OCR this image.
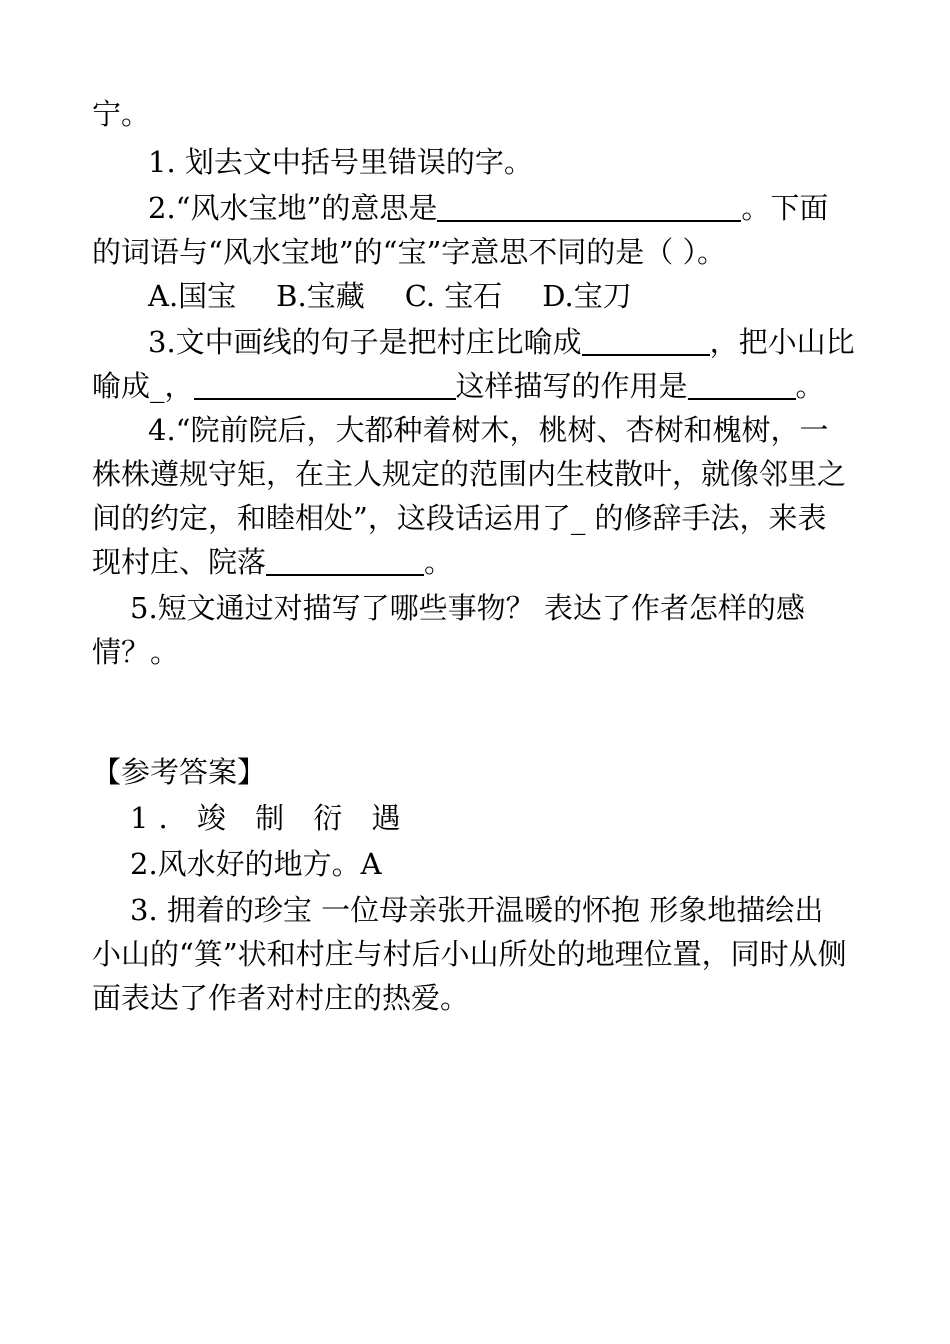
宁。
1. 划去文中括号里错误的字。
2.“风水宝地”的意思是	。下面
的词语与“风水宝地”的“宝”字意思不同的是（ ）。
A.国宝 B.宝藏 C. 宝石 D.宝刀
3.文中画线的句子是把村庄比喻成	，把小山比
喻成_，	这样描写的作用是	。
4.“院前院后，大都种着树木，桃树、杏树和槐树，一
株株遵规守矩，在主人规定的范围内生枝散叶，就像邻里之
间的约定，和睦相处”，这段话运用了_ 的修辞手法，来表
现村庄、院落	。
5.短文通过对描写了哪些事物？ 表达了作者怎样的感
情？。
【参考答案】
1. 竣 制 衍 遇
2.风水好的地方。A
3. 拥着的珍宝 一位母亲张开温暖的怀抱 形象地描绘出
小山的“箕”状和村庄与村后小山所处的地理位置，同时从侧
面表达了作者对村庄的热爱。
